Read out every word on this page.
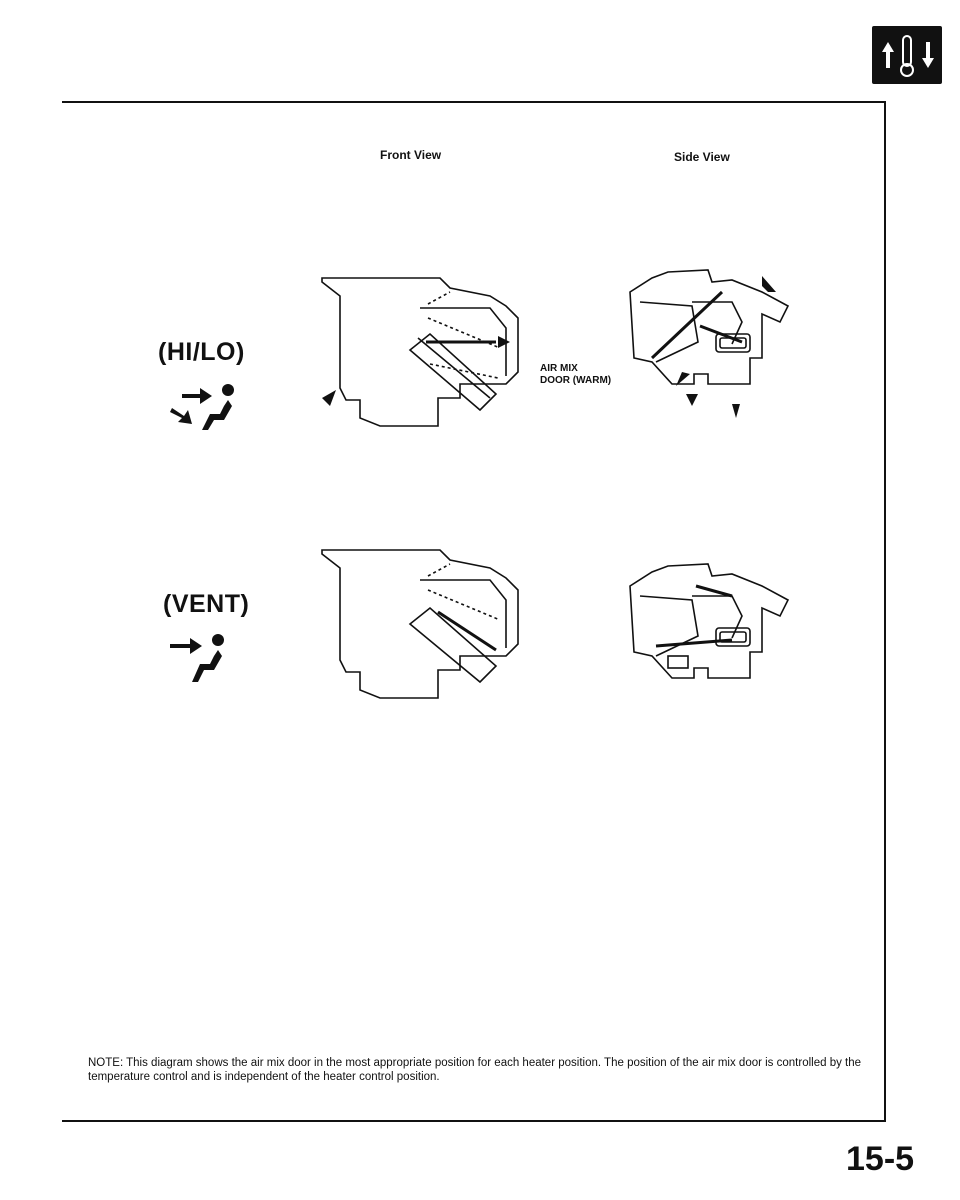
Front View	Side View
(HI/LO)
(VENT)
AIR MIX
DOOR (WARM)
NOTE: This diagram shows the air mix door in the most appropriate position for each heater position. The position of the air mix door is controlled by the temperature control and is independent of the heater control position.
15-5
